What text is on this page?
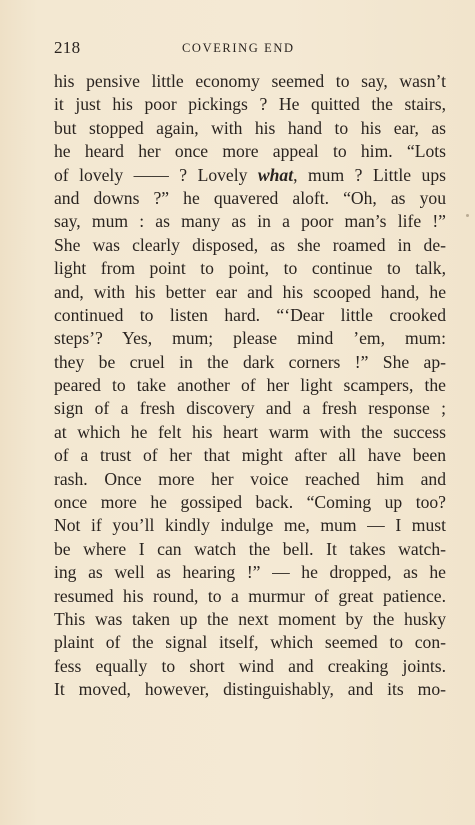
218	COVERING END
his pensive little economy seemed to say, wasn’t
it just his poor pickings ? He quitted the stairs,
but stopped again, with his hand to his ear, as
he heard her once more appeal to him. “Lots
of lovely —— ? Lovely what, mum ? Little ups
and downs ?” he quavered aloft. “Oh, as you
say, mum : as many as in a poor man’s life !”
She was clearly disposed, as she roamed in de-
light from point to point, to continue to talk,
and, with his better ear and his scooped hand, he
continued to listen hard. “‘Dear little crooked
steps’? Yes, mum; please mind ’em, mum:
they be cruel in the dark corners !” She ap-
peared to take another of her light scampers, the
sign of a fresh discovery and a fresh response ;
at which he felt his heart warm with the success
of a trust of her that might after all have been
rash. Once more her voice reached him and
once more he gossiped back. “Coming up too?
Not if you’ll kindly indulge me, mum — I must
be where I can watch the bell. It takes watch-
ing as well as hearing !” — he dropped, as he
resumed his round, to a murmur of great patience.
This was taken up the next moment by the husky
plaint of the signal itself, which seemed to con-
fess equally to short wind and creaking joints.
It moved, however, distinguishably, and its mo-
